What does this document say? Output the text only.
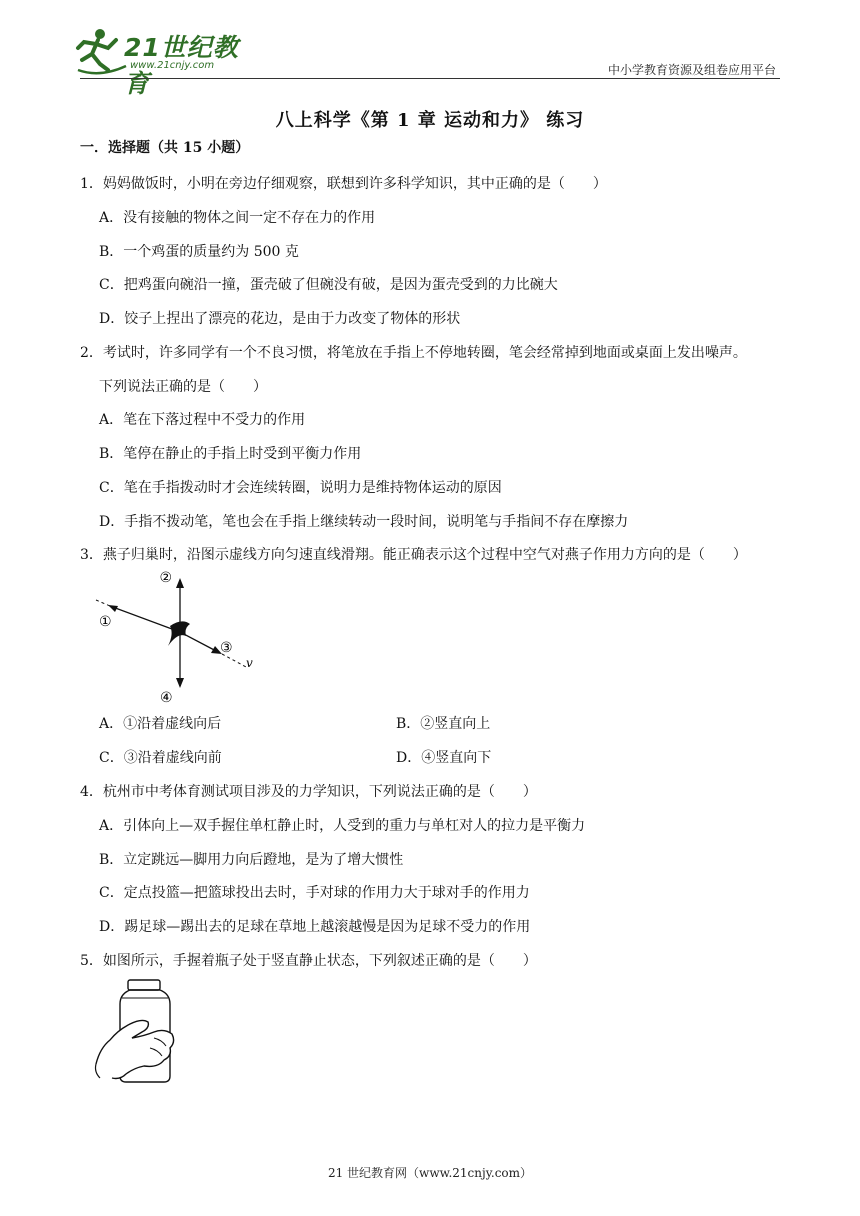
21世纪教育
www.21cnjy.com	中小学教育资源及组卷应用平台
八上科学《第 1 章 运动和力》 练习
一．选择题（共 15 小题）
1．妈妈做饭时，小明在旁边仔细观察，联想到许多科学知识，其中正确的是（　　）
A．没有接触的物体之间一定不存在力的作用
B．一个鸡蛋的质量约为 500 克
C．把鸡蛋向碗沿一撞，蛋壳破了但碗没有破，是因为蛋壳受到的力比碗大
D．饺子上捏出了漂亮的花边，是由于力改变了物体的形状
2．考试时，许多同学有一个不良习惯，将笔放在手指上不停地转圈，笔会经常掉到地面或桌面上发出噪声。
下列说法正确的是（　　）
A．笔在下落过程中不受力的作用
B．笔停在静止的手指上时受到平衡力作用
C．笔在手指拨动时才会连续转圈，说明力是维持物体运动的原因
D．手指不拨动笔，笔也会在手指上继续转动一段时间，说明笔与手指间不存在摩擦力
3．燕子归巢时，沿图示虚线方向匀速直线滑翔。能正确表示这个过程中空气对燕子作用力方向的是（　　）
②
①
③
v
④
A．①沿着虚线向后	B．②竖直向上
C．③沿着虚线向前	D．④竖直向下
4．杭州市中考体育测试项目涉及的力学知识，下列说法正确的是（　　）
A．引体向上—双手握住单杠静止时，人受到的重力与单杠对人的拉力是平衡力
B．立定跳远—脚用力向后蹬地，是为了增大惯性
C．定点投篮—把篮球投出去时，手对球的作用力大于球对手的作用力
D．踢足球—踢出去的足球在草地上越滚越慢是因为足球不受力的作用
5．如图所示，手握着瓶子处于竖直静止状态，下列叙述正确的是（　　）
21 世纪教育网（www.21cnjy.com）
